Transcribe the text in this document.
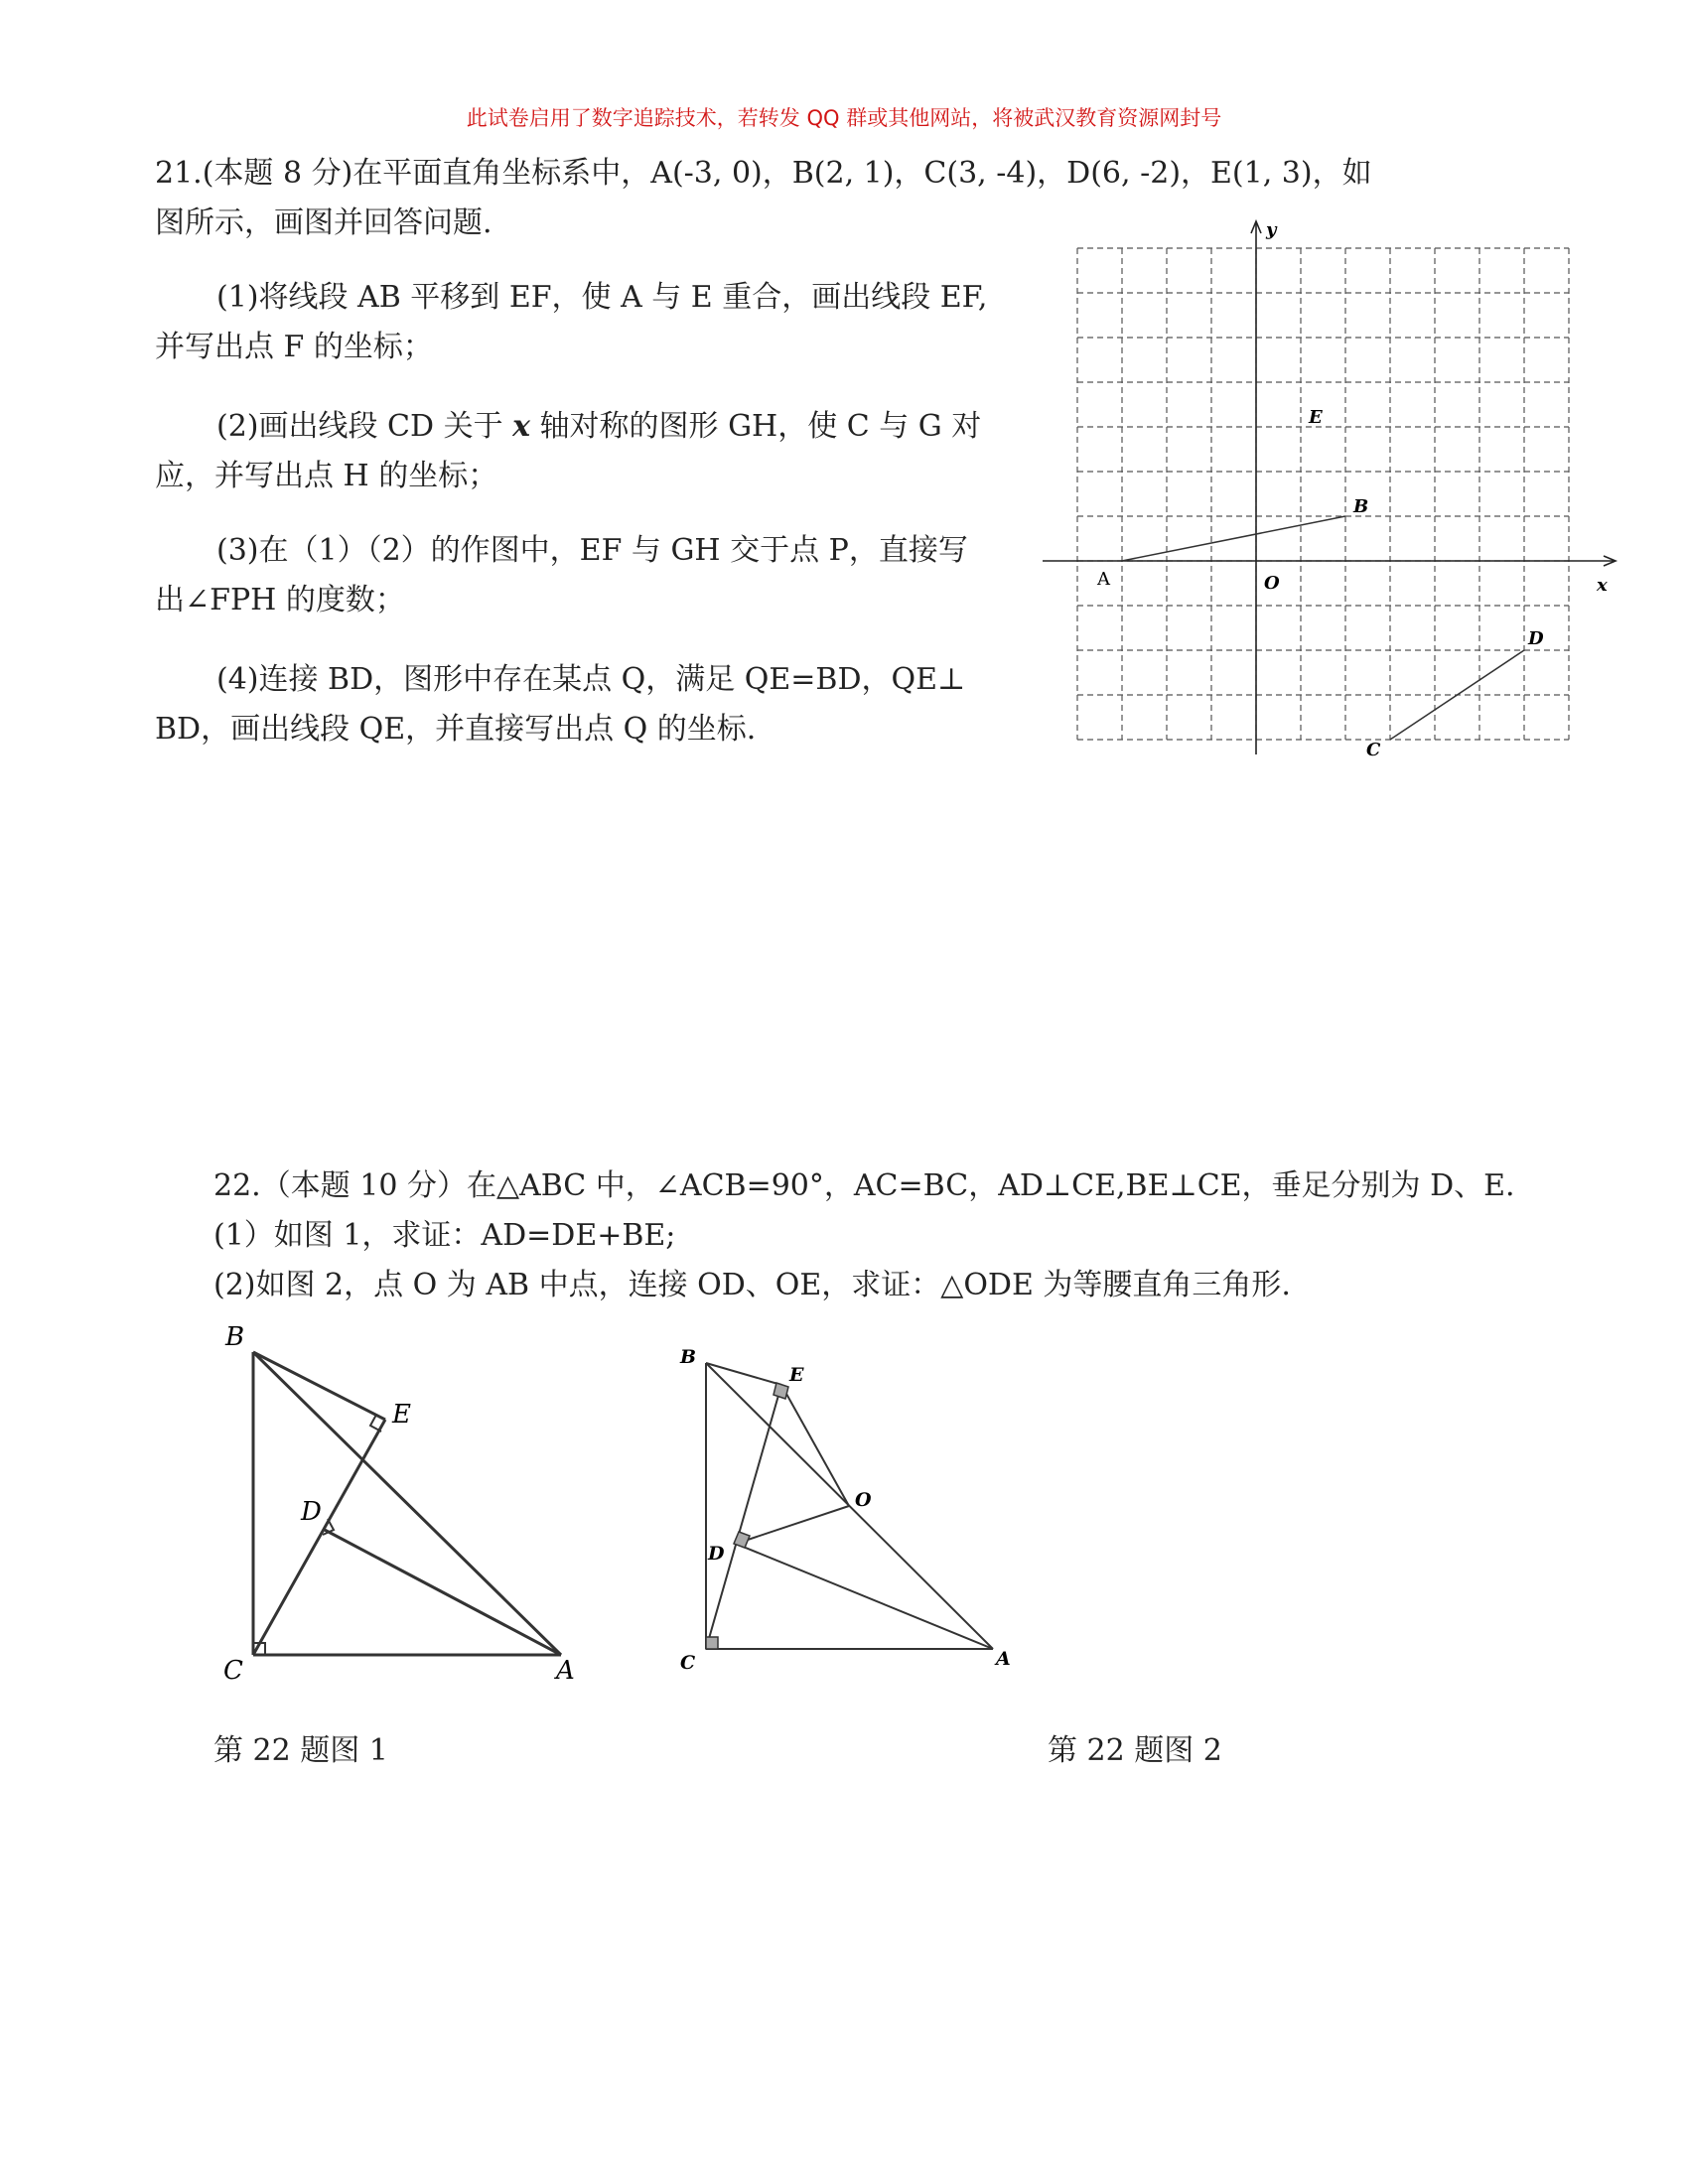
此试卷启用了数字追踪技术，若转发 QQ 群或其他网站，将被武汉教育资源网封号
21.(本题 8 分)在平面直角坐标系中，A(-3, 0)，B(2, 1)，C(3, -4)，D(6, -2)，E(1, 3)，如
图所示，画图并回答问题.
(1)将线段 AB 平移到 EF，使 A 与 E 重合，画出线段 EF,
并写出点 F 的坐标；
(2)画出线段 CD 关于 x 轴对称的图形 GH，使 C 与 G 对
应，并写出点 H 的坐标；
(3)在（1）（2）的作图中，EF 与 GH 交于点 P，直接写
出∠FPH 的度数；
(4)连接 BD，图形中存在某点 Q，满足 QE=BD，QE⊥
BD，画出线段 QE，并直接写出点 Q 的坐标.
A
B
C
D
E
x
y
O
22.（本题 10 分）在△ABC 中，∠ACB=90°，AC=BC，AD⊥CE,BE⊥CE，垂足分别为 D、E.
(1）如图 1，求证：AD=DE+BE;
(2)如图 2，点 O 为 AB 中点，连接 OD、OE，求证：△ODE 为等腰直角三角形.
B
E
D
C	A
B
E
O
D
C	A
第 22 题图 1	第 22 题图 2
